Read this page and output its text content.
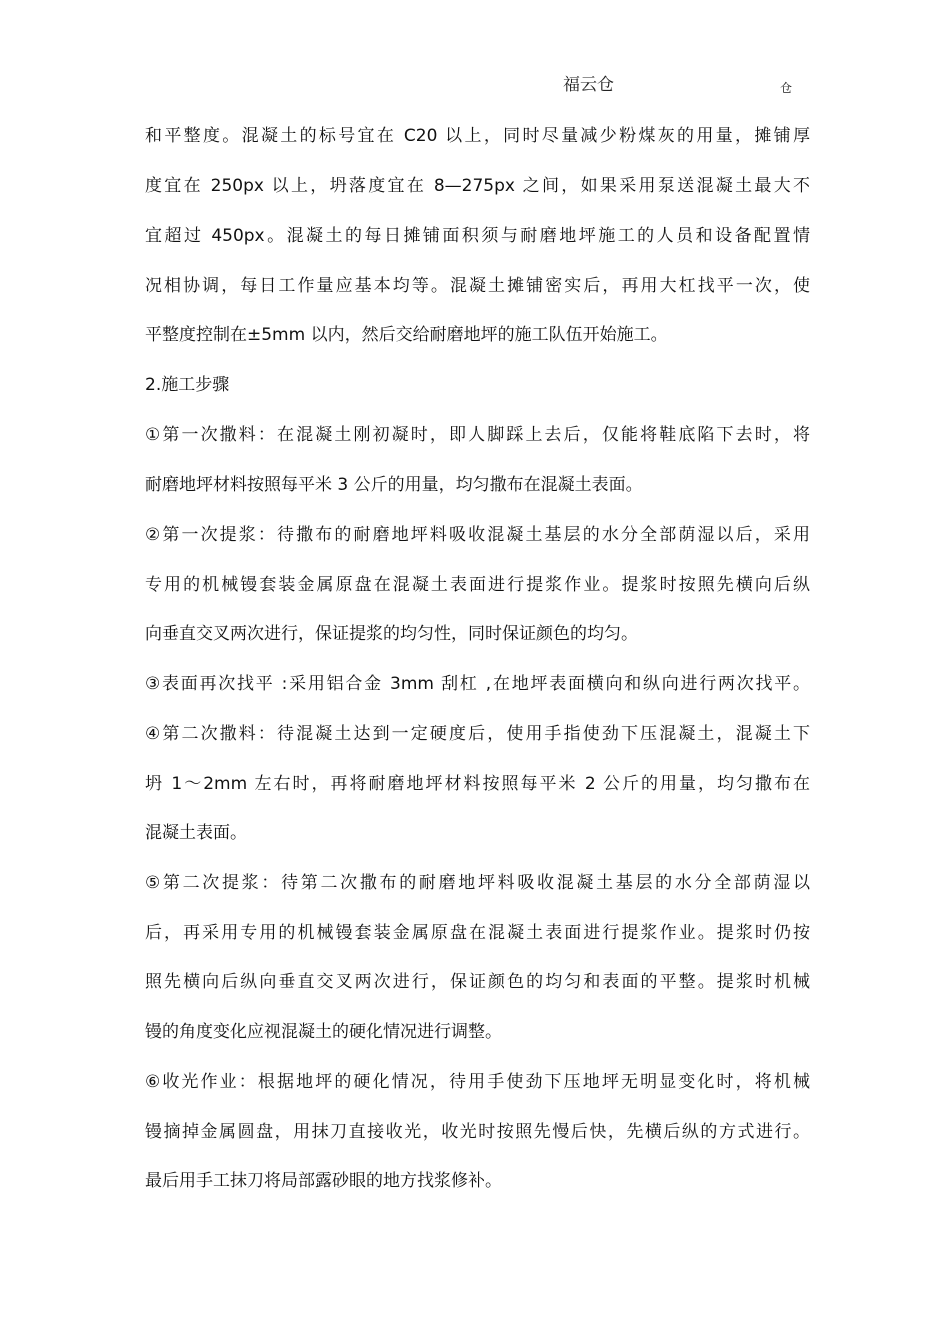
福云仓	仓
和平整度。混凝土的标号宜在 C20 以上，同时尽量减少粉煤灰的用量，摊铺厚
度宜在 250px 以上，坍落度宜在 8—275px 之间，如果采用泵送混凝土最大不
宜超过 450px。混凝土的每日摊铺面积须与耐磨地坪施工的人员和设备配置情
况相协调，每日工作量应基本均等。混凝土摊铺密实后，再用大杠找平一次，使
平整度控制在±5mm 以内，然后交给耐磨地坪的施工队伍开始施工。
2.施工步骤
①第一次撒料：在混凝土刚初凝时，即人脚踩上去后，仅能将鞋底陷下去时，将
耐磨地坪材料按照每平米 3 公斤的用量，均匀撒布在混凝土表面。
②第一次提浆：待撒布的耐磨地坪料吸收混凝土基层的水分全部荫湿以后，采用
专用的机械镘套装金属原盘在混凝土表面进行提浆作业。提浆时按照先横向后纵
向垂直交叉两次进行，保证提浆的均匀性，同时保证颜色的均匀。
③表面再次找平 :采用铝合金 3mm 刮杠 ,在地坪表面横向和纵向进行两次找平。
④第二次撒料：待混凝土达到一定硬度后，使用手指使劲下压混凝土，混凝土下
坍 1～2mm 左右时，再将耐磨地坪材料按照每平米 2 公斤的用量，均匀撒布在
混凝土表面。
⑤第二次提浆：待第二次撒布的耐磨地坪料吸收混凝土基层的水分全部荫湿以
后，再采用专用的机械镘套装金属原盘在混凝土表面进行提浆作业。提浆时仍按
照先横向后纵向垂直交叉两次进行，保证颜色的均匀和表面的平整。提浆时机械
镘的角度变化应视混凝土的硬化情况进行调整。
⑥收光作业：根据地坪的硬化情况，待用手使劲下压地坪无明显变化时，将机械
镘摘掉金属圆盘，用抹刀直接收光，收光时按照先慢后快，先横后纵的方式进行。
最后用手工抹刀将局部露砂眼的地方找浆修补。
